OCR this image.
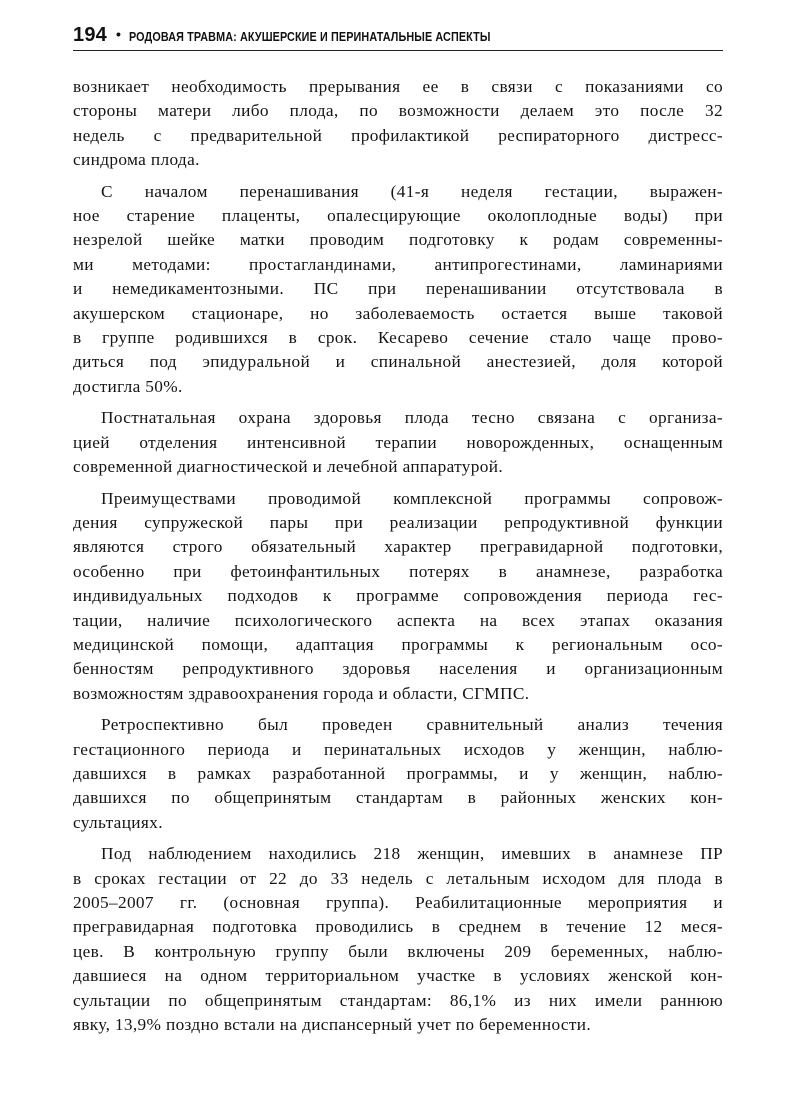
194 • РОДОВАЯ ТРАВМА: АКУШЕРСКИЕ И ПЕРИНАТАЛЬНЫЕ АСПЕКТЫ
возникает необходимость прерывания ее в связи с показаниями со
стороны матери либо плода, по возможности делаем это после 32
недель с предварительной профилактикой респираторного дистресс-
синдрома плода.
С началом перенашивания (41-я неделя гестации, выражен-
ное старение плаценты, опалесцирующие околоплодные воды) при
незрелой шейке матки проводим подготовку к родам современны-
ми методами: простагландинами, антипрогестинами, ламинариями
и немедикаментозными. ПС при перенашивании отсутствовала в
акушерском стационаре, но заболеваемость остается выше таковой
в группе родившихся в срок. Кесарево сечение стало чаще прово-
диться под эпидуральной и спинальной анестезией, доля которой
достигла 50%.
Постнатальная охрана здоровья плода тесно связана с организа-
цией отделения интенсивной терапии новорожденных, оснащенным
современной диагностической и лечебной аппаратурой.
Преимуществами проводимой комплексной программы сопровож-
дения супружеской пары при реализации репродуктивной функции
являются строго обязательный характер прегравидарной подготовки,
особенно при фетоинфантильных потерях в анамнезе, разработка
индивидуальных подходов к программе сопровождения периода гес-
тации, наличие психологического аспекта на всех этапах оказания
медицинской помощи, адаптация программы к региональным осо-
бенностям репродуктивного здоровья населения и организационным
возможностям здравоохранения города и области, СГМПС.
Ретроспективно был проведен сравнительный анализ течения
гестационного периода и перинатальных исходов у женщин, наблю-
давшихся в рамках разработанной программы, и у женщин, наблю-
давшихся по общепринятым стандартам в районных женских кон-
сультациях.
Под наблюдением находились 218 женщин, имевших в анамнезе ПР
в сроках гестации от 22 до 33 недель с летальным исходом для плода в
2005–2007 гг. (основная группа). Реабилитационные мероприятия и
прегравидарная подготовка проводились в среднем в течение 12 меся-
цев. В контрольную группу были включены 209 беременных, наблю-
давшиеся на одном территориальном участке в условиях женской кон-
сультации по общепринятым стандартам: 86,1% из них имели раннюю
явку, 13,9% поздно встали на диспансерный учет по беременности.
